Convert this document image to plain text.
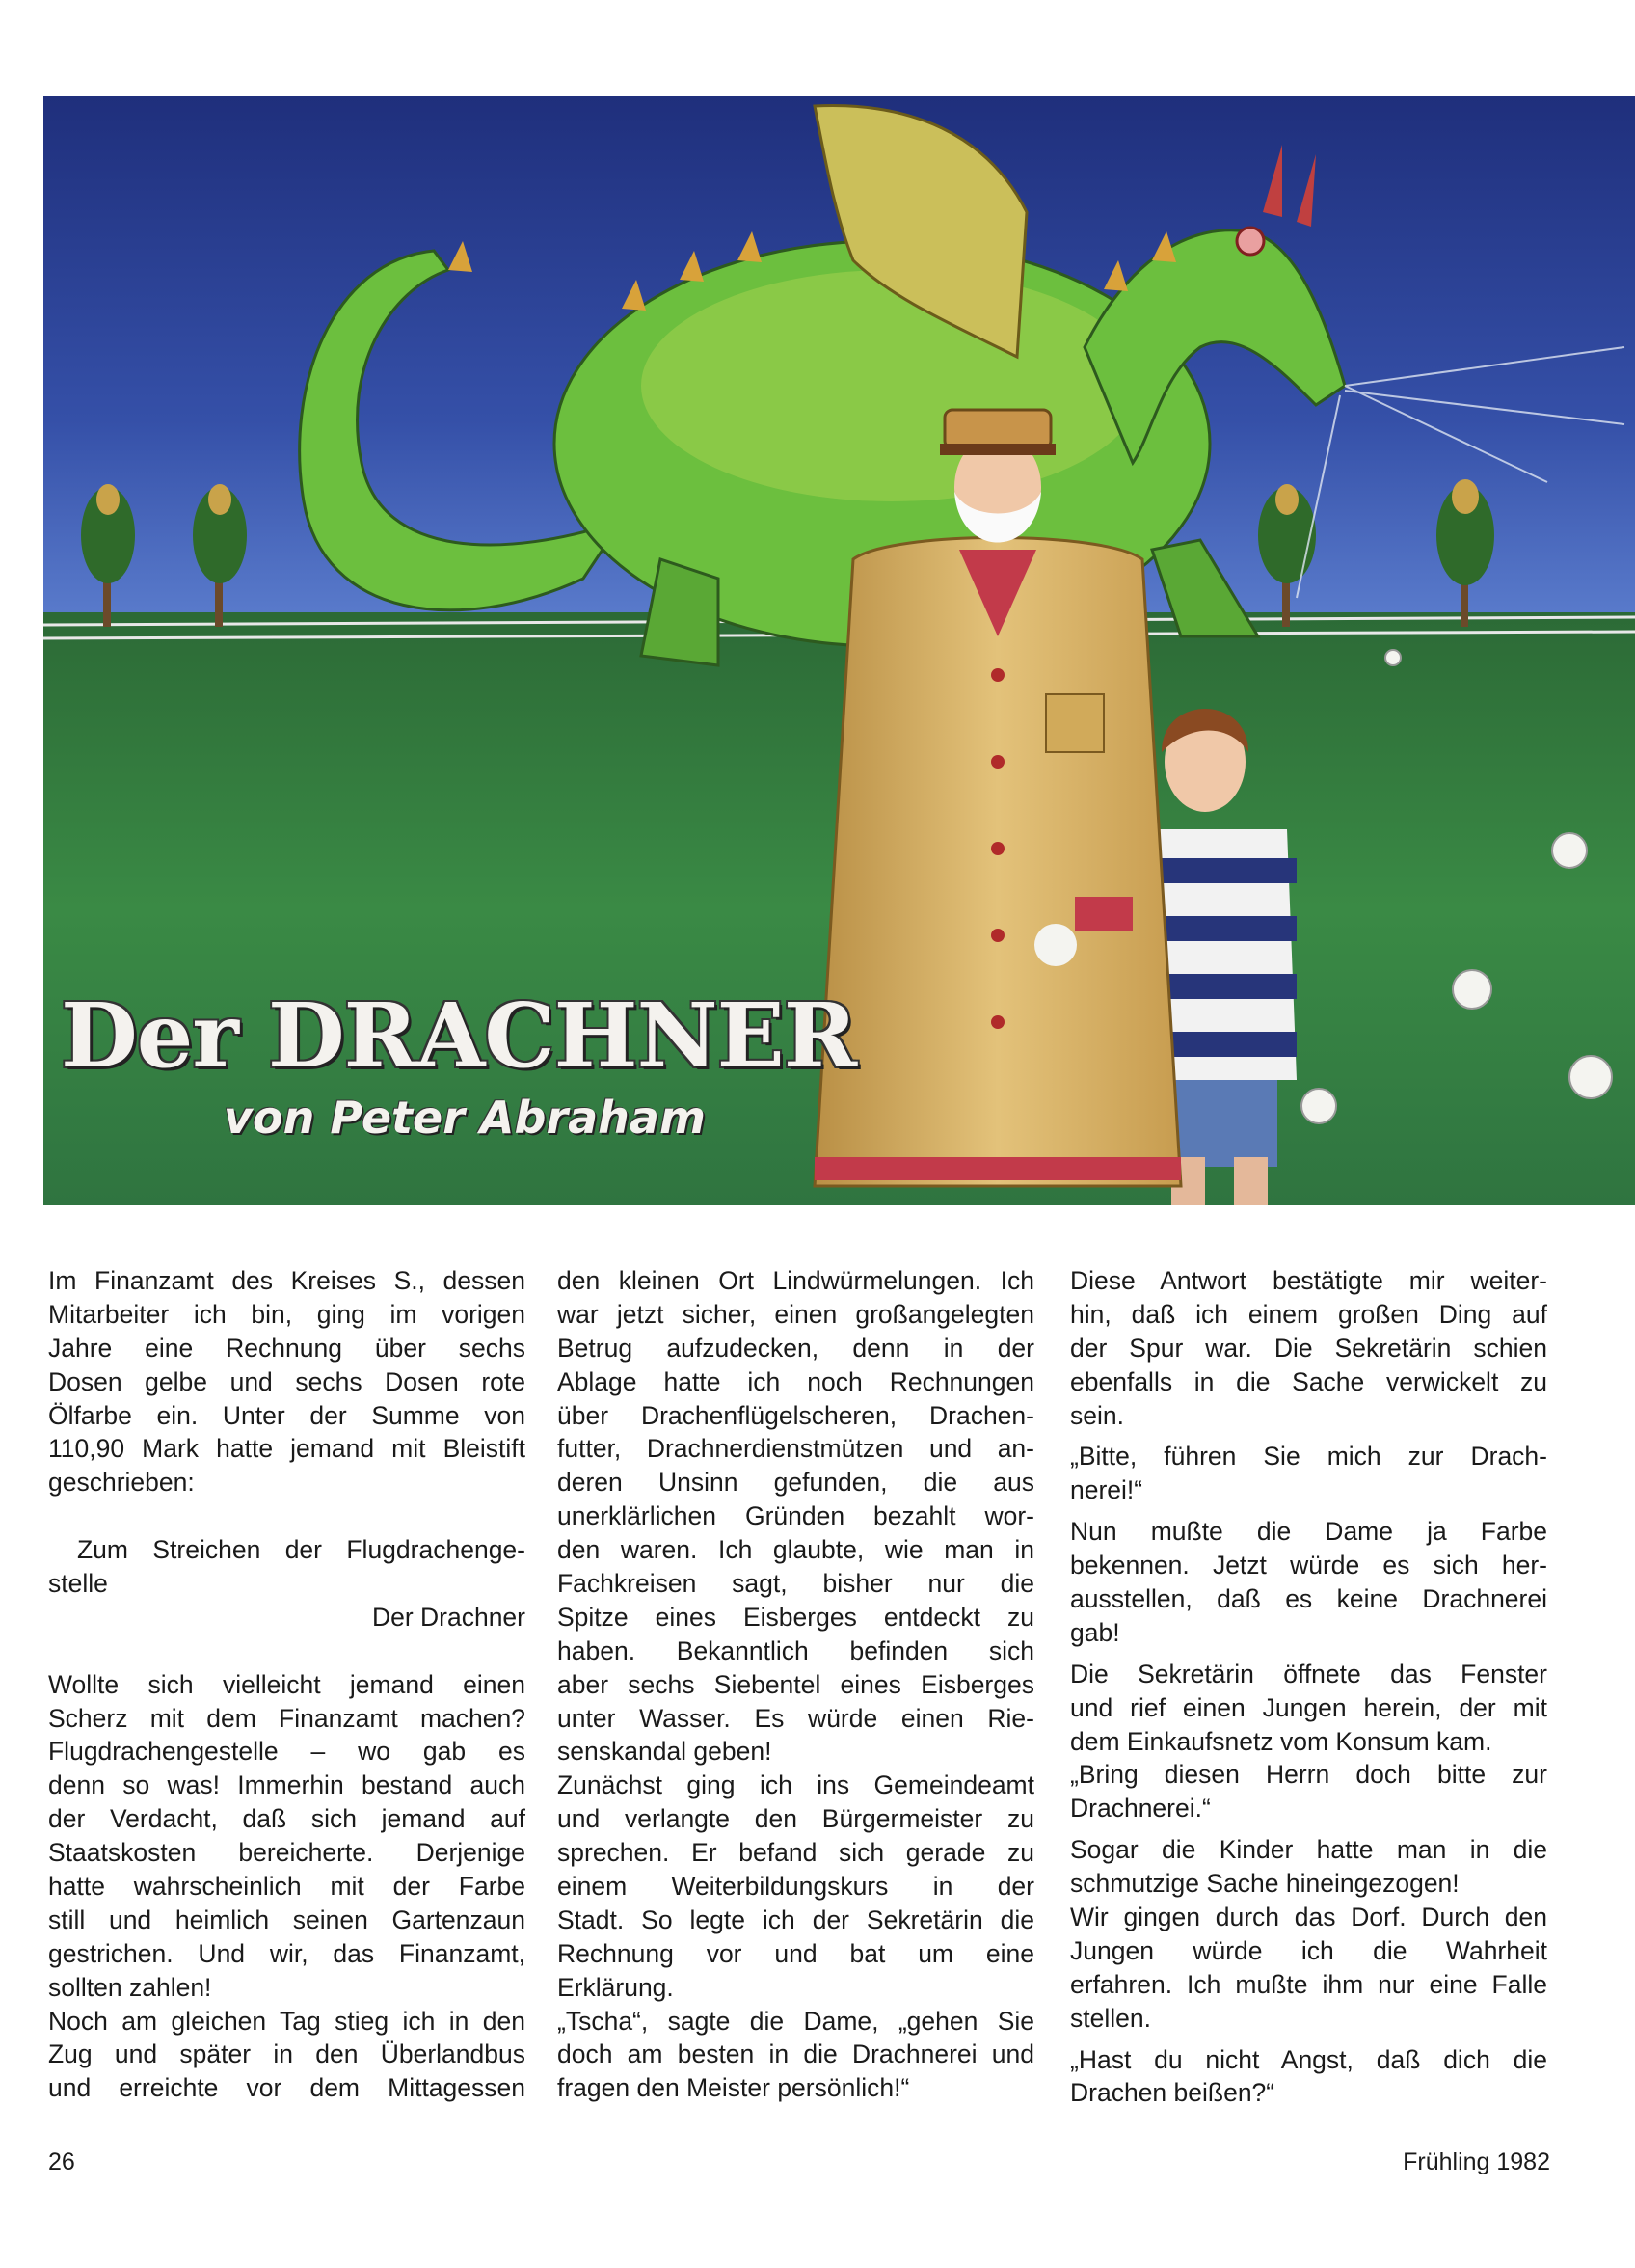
Der DRACHNER
von Peter Abraham
Im Finanzamt des Kreises S., dessen
Mitarbeiter ich bin, ging im vorigen
Jahre eine Rechnung über sechs
Dosen gelbe und sechs Dosen rote
Ölfarbe ein. Unter der Summe von
110,90 Mark hatte jemand mit Bleistift
geschrieben:
Zum Streichen der Flugdrachenge-
stelle
Der Drachner
Wollte sich vielleicht jemand einen
Scherz mit dem Finanzamt machen?
Flugdrachengestelle – wo gab es
denn so was! Immerhin bestand auch
der Verdacht, daß sich jemand auf
Staatskosten bereicherte. Derjenige
hatte wahrscheinlich mit der Farbe
still und heimlich seinen Gartenzaun
gestrichen. Und wir, das Finanzamt,
sollten zahlen!
Noch am gleichen Tag stieg ich in den
Zug und später in den Überlandbus
und erreichte vor dem Mittagessen
den kleinen Ort Lindwürmelungen. Ich
war jetzt sicher, einen großangelegten
Betrug aufzudecken, denn in der
Ablage hatte ich noch Rechnungen
über Drachenflügelscheren, Drachen-
futter, Drachnerdienstmützen und an-
deren Unsinn gefunden, die aus
unerklärlichen Gründen bezahlt wor-
den waren. Ich glaubte, wie man in
Fachkreisen sagt, bisher nur die
Spitze eines Eisberges entdeckt zu
haben. Bekanntlich befinden sich
aber sechs Siebentel eines Eisberges
unter Wasser. Es würde einen Rie-
senskandal geben!
Zunächst ging ich ins Gemeindeamt
und verlangte den Bürgermeister zu
sprechen. Er befand sich gerade zu
einem Weiterbildungskurs in der
Stadt. So legte ich der Sekretärin die
Rechnung vor und bat um eine
Erklärung.
„Tscha“, sagte die Dame, „gehen Sie
doch am besten in die Drachnerei und
fragen den Meister persönlich!“
Diese Antwort bestätigte mir weiter-
hin, daß ich einem großen Ding auf
der Spur war. Die Sekretärin schien
ebenfalls in die Sache verwickelt zu
sein.
„Bitte, führen Sie mich zur Drach-
nerei!“
Nun mußte die Dame ja Farbe
bekennen. Jetzt würde es sich her-
ausstellen, daß es keine Drachnerei
gab!
Die Sekretärin öffnete das Fenster
und rief einen Jungen herein, der mit
dem Einkaufsnetz vom Konsum kam.
„Bring diesen Herrn doch bitte zur
Drachnerei.“
Sogar die Kinder hatte man in die
schmutzige Sache hineingezogen!
Wir gingen durch das Dorf. Durch den
Jungen würde ich die Wahrheit
erfahren. Ich mußte ihm nur eine Falle
stellen.
„Hast du nicht Angst, daß dich die
Drachen beißen?“
26	Frühling 1982
